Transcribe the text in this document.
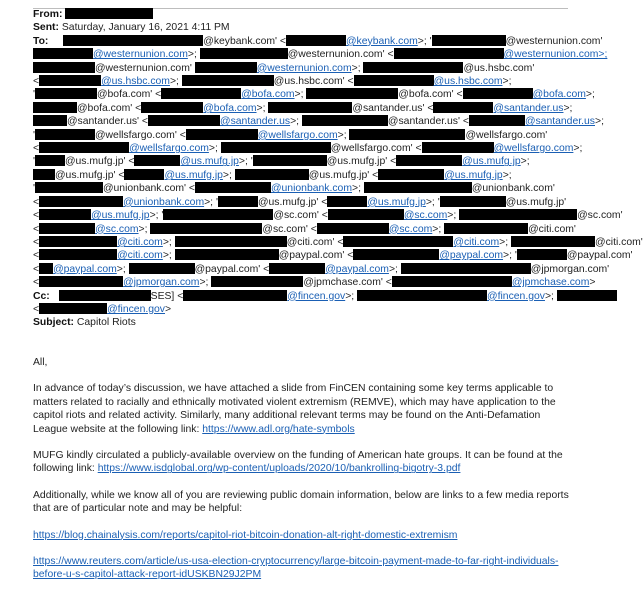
From:
Sent: Saturday, January 16, 2021 4:11 PM
To:	@keybank.com' <	@keybank.com>; '	@westernunion.com'
@westernunion.com>;	@westernunion.com' <	@westernunion.com>;
@westernunion.com'	@westernunion.com>;	@us.hsbc.com'
<	@us.hsbc.com>;	@us.hsbc.com' <	@us.hsbc.com>;
'	@bofa.com' <	@bofa.com>;	@bofa.com' <	@bofa.com>;
@bofa.com' <	@bofa.com>;	@santander.us' <	@santander.us>;
@santander.us' <	@santander.us>;	@santander.us' <	@santander.us>;
'	@wellsfargo.com' <	@wellsfargo.com>;	@wellsfargo.com'
<	@wellsfargo.com>;	@wellsfargo.com' <	@wellsfargo.com>;
'	@us.mufg.jp' <	@us.mufg.jp>; '	@us.mufg.jp' <	@us.mufg.jp>;
@us.mufg.jp' <	@us.mufg.jp>;	@us.mufg.jp' <	@us.mufg.jp>;
'	@unionbank.com' <	@unionbank.com>;	@unionbank.com'
<	@unionbank.com>; '	@us.mufg.jp' <	@us.mufg.jp>; '	@us.mufg.jp'
<	@us.mufg.jp>; '	@sc.com' <	@sc.com>;	@sc.com'
<	@sc.com>;	@sc.com' <	@sc.com>;	@citi.com'
<	@citi.com>;	@citi.com' <	@citi.com>;	@citi.com'
<	@citi.com>;	@paypal.com' <	@paypal.com>; '	@paypal.com'
< @paypal.com>;	@paypal.com' <	@paypal.com>;	@jpmorgan.com'
<	@jpmorgan.com>;	@jpmchase.com' <	@jpmchase.com>
Cc:	SES] <	@fincen.gov>;	@fincen.gov>;
<	@fincen.gov>
Subject: Capitol Riots

All,

In advance of today’s discussion, we have attached a slide from FinCEN containing some key terms applicable to matters related to racially and ethnically motivated violent extremism (REMVE), which may have application to the capitol riots and related activity. Similarly, many additional relevant terms may be found on the Anti-Defamation League website at the following link: https://www.adl.org/hate-symbols

MUFG kindly circulated a publicly-available overview on the funding of American hate groups. It can be found at the following link: https://www.isdglobal.org/wp-content/uploads/2020/10/bankrolling-bigotry-3.pdf

Additionally, while we know all of you are reviewing public domain information, below are links to a few media reports that are of particular note and may be helpful:

https://blog.chainalysis.com/reports/capitol-riot-bitcoin-donation-alt-right-domestic-extremism

https://www.reuters.com/article/us-usa-election-cryptocurrency/large-bitcoin-payment-made-to-far-right-individuals-before-u-s-capitol-attack-report-idUSKBN29J2PM
